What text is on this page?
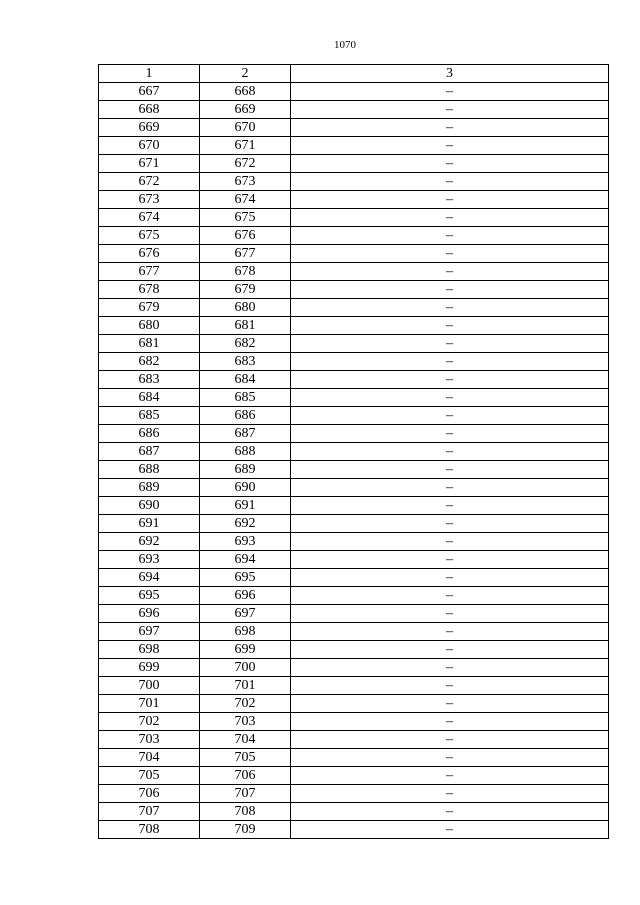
1070
1	2	3
667	668	–
668	669	–
669	670	–
670	671	–
671	672	–
672	673	–
673	674	–
674	675	–
675	676	–
676	677	–
677	678	–
678	679	–
679	680	–
680	681	–
681	682	–
682	683	–
683	684	–
684	685	–
685	686	–
686	687	–
687	688	–
688	689	–
689	690	–
690	691	–
691	692	–
692	693	–
693	694	–
694	695	–
695	696	–
696	697	–
697	698	–
698	699	–
699	700	–
700	701	–
701	702	–
702	703	–
703	704	–
704	705	–
705	706	–
706	707	–
707	708	–
708	709	–
